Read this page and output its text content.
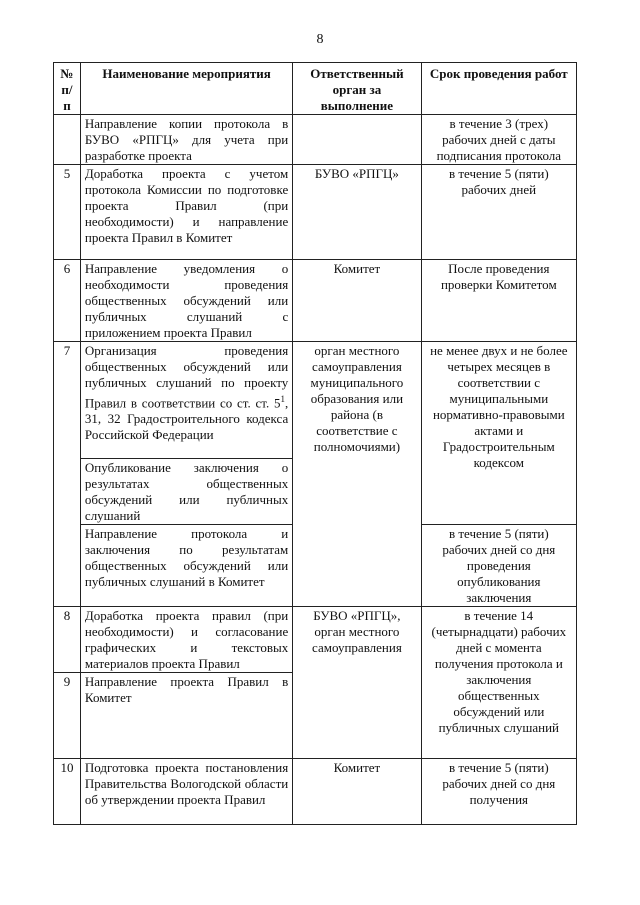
8
№ п/п	Наименование мероприятия	Ответственный орган за выполнение	Срок проведения работ
	Направление копии протокола в БУВО «РПГЦ» для учета при разработке проекта		в течение 3 (трех) рабочих дней с даты подписания протокола
5	Доработка проекта с учетом протокола Комиссии по подготовке проекта Правил (при необходимости) и направление проекта Правил в Комитет	БУВО «РПГЦ»	в течение 5 (пяти) рабочих дней
6	Направление уведомления о необходимости проведения общественных обсуждений или публичных слушаний с приложением проекта Правил	Комитет	После проведения проверки Комитетом
7	Организация проведения общественных обсуждений или публичных слушаний по проекту Правил в соответствии со ст. ст. $5^1$, 31, 32 Градостроительного кодекса Российской Федерации	орган местного самоуправления муниципального образования или района (в соответствие с полномочиями)	не менее двух и не более четырех месяцев в соответствии с муниципальными нормативно-правовыми актами и Градостроительным кодексом
	Опубликование заключения о результатах общественных обсуждений или публичных слушаний		
	Направление протокола и заключения по результатам общественных обсуждений или публичных слушаний в Комитет		в течение 5 (пяти) рабочих дней со дня проведения опубликования заключения
8	Доработка проекта правил (при необходимости) и согласование графических и текстовых материалов проекта Правил	БУВО «РПГЦ», орган местного самоуправления	в течение 14 (четырнадцати) рабочих дней с момента получения протокола и заключения общественных обсуждений или публичных слушаний
9	Направление проекта Правил в Комитет		
10	Подготовка проекта постановления Правительства Вологодской области об утверждении проекта Правил	Комитет	в течение 5 (пяти) рабочих дней со дня получения
